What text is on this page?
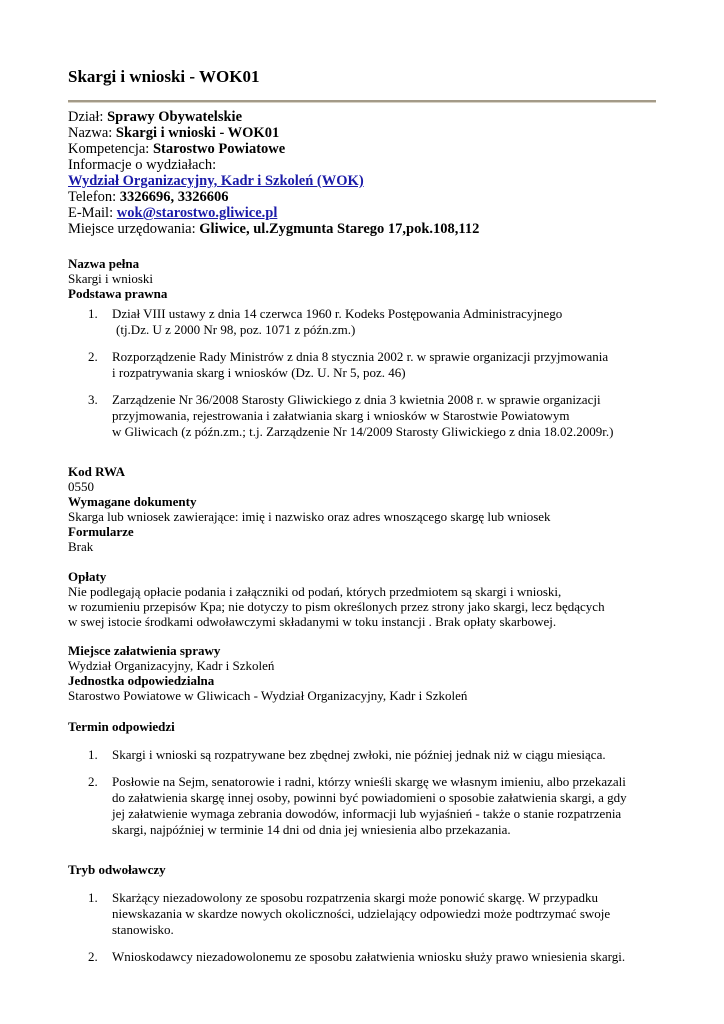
Skargi i wnioski - WOK01
Dział: Sprawy Obywatelskie
Nazwa: Skargi i wnioski - WOK01
Kompetencja: Starostwo Powiatowe
Informacje o wydziałach:
Wydział Organizacyjny, Kadr i Szkoleń (WOK)
Telefon: 3326696, 3326606
E-Mail: wok@starostwo.gliwice.pl
Miejsce urzędowania: Gliwice, ul.Zygmunta Starego 17,pok.108,112
Nazwa pełna
Skargi i wnioski
Podstawa prawna
1. Dział VIII ustawy z dnia 14 czerwca 1960 r. Kodeks Postępowania Administracyjnego
(tj.Dz. U z 2000 Nr 98, poz. 1071 z późn.zm.)
2. Rozporządzenie Rady Ministrów z dnia 8 stycznia 2002 r. w sprawie organizacji przyjmowania
i rozpatrywania skarg i wniosków (Dz. U. Nr 5, poz. 46)
3. Zarządzenie Nr 36/2008 Starosty Gliwickiego z dnia 3 kwietnia 2008 r. w sprawie organizacji
przyjmowania, rejestrowania i załatwiania skarg i wniosków w Starostwie Powiatowym
w Gliwicach (z późn.zm.; t.j. Zarządzenie Nr 14/2009 Starosty Gliwickiego z dnia 18.02.2009r.)
Kod RWA
0550
Wymagane dokumenty
Skarga lub wniosek zawierające: imię i nazwisko oraz adres wnoszącego skargę lub wniosek
Formularze
Brak
Opłaty
Nie podlegają opłacie podania i załączniki od podań, których przedmiotem są skargi i wnioski,
w rozumieniu przepisów Kpa; nie dotyczy to pism określonych przez strony jako skargi, lecz będących
w swej istocie środkami odwoławczymi składanymi w toku instancji . Brak opłaty skarbowej.
Miejsce załatwienia sprawy
Wydział Organizacyjny, Kadr i Szkoleń
Jednostka odpowiedzialna
Starostwo Powiatowe w Gliwicach - Wydział Organizacyjny, Kadr i Szkoleń
Termin odpowiedzi
1. Skargi i wnioski są rozpatrywane bez zbędnej zwłoki, nie później jednak niż w ciągu miesiąca.
2. Posłowie na Sejm, senatorowie i radni, którzy wnieśli skargę we własnym imieniu, albo przekazali
do załatwienia skargę innej osoby, powinni być powiadomieni o sposobie załatwienia skargi, a gdy
jej załatwienie wymaga zebrania dowodów, informacji lub wyjaśnień - także o stanie rozpatrzenia
skargi, najpóźniej w terminie 14 dni od dnia jej wniesienia albo przekazania.
Tryb odwoławczy
1. Skarżący niezadowolony ze sposobu rozpatrzenia skargi może ponowić skargę. W przypadku
niewskazania w skardze nowych okoliczności, udzielający odpowiedzi może podtrzymać swoje
stanowisko.
2. Wnioskodawcy niezadowolonemu ze sposobu załatwienia wniosku służy prawo wniesienia skargi.
